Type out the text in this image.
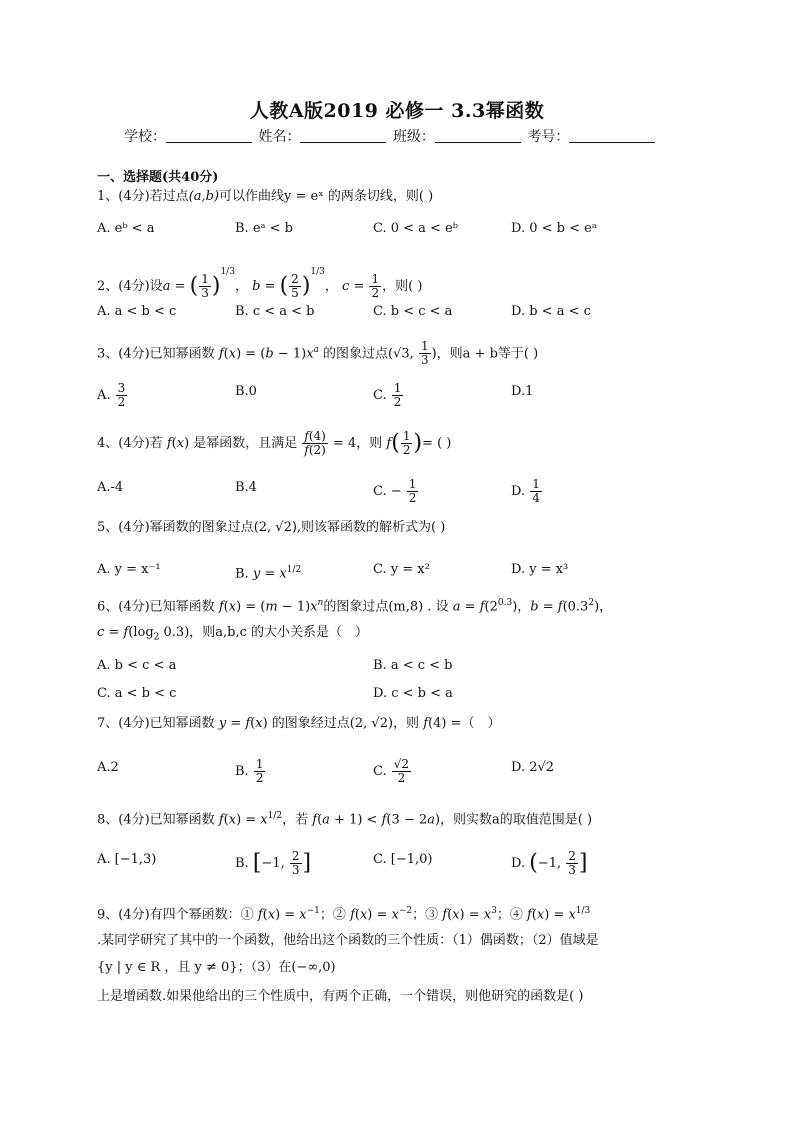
人教A版2019 必修一 3.3幂函数
学校：	姓名：	班级：	考号：
一、选择题(共40分)
1、(4分)若过点(a,b)可以作曲线y = eˣ 的两条切线，则( )
A. eᵇ < a	B. eᵃ < b	C. 0 < a < eᵇ	D. 0 < b < eᵃ
2、(4分)设a = ( $\frac{1}{3} )^{1/3}$， b = ( $\frac{2}{5} )^{1/3}$， $c = \frac{1}{2}$ ，则( )
A. a < b < c	B. c < a < b	C. b < c < a	D. b < a < c
3、(4分)已知幂函数 $f(x) = (b - 1)x^a$ 的图象过点(√3, $\frac{1}{3}$ )，则a + b等于( )
A. $\frac{3}{2}$	B.0	C. $\frac{1}{2}$	D.1
4、(4分)若 f(x) 是幂函数，且满足 $\frac{f(4)}{f(2)} = 4$，则 $f( \frac{1}{2}$ )= ( )
A.-4	B.4	C. − $\frac{1}{2}$	D. $\frac{1}{4}$
5、(4分)幂函数的图象过点(2, √2),则该幂函数的解析式为( )
A. y = x⁻¹	B. $y = x^{1/2}$	C. y = x²	D. y = x³
6、(4分)已知幂函数 $f(x) = (m - 1)x^n$的图象过点(m,8) . 设 $a = f(2^{0.3})$，$b = f(0.3^2)$，
$c = f(\log_2$ 0.3)，则a,b,c 的大小关系是（　）
A. b < c < a	B. a < c < b
C. a < b < c	D. c < b < a
7、(4分)已知幂函数 y = f(x) 的图象经过点(2, √2)，则 f(4) =（　）
A.2	B. $\frac{1}{2}$	C. $\frac{√2}{2}$	D. 2√2
8、(4分)已知幂函数 $f(x) = x^{1/2}$，若 f(a + 1) < f(3 − 2a)，则实数a的取值范围是( )
A. [−1,3)	B. [−1, $\frac{2}{3}$ ]	C. [−1,0)	D. (−1, $\frac{2}{3}$ ]
9、(4分)有四个幂函数：① $f(x) = x^{-1}$；② $f(x) = x^{-2}$；③ $f(x) = x^3$；④ $f(x) = x^{1/3}$
.某同学研究了其中的一个函数，他给出这个函数的三个性质：（1）偶函数；（2）值域是
{y | y ∈ R ，且 y ≠ 0}；（3）在(−∞,0)
上是增函数.如果他给出的三个性质中，有两个正确，一个错误，则他研究的函数是( )
